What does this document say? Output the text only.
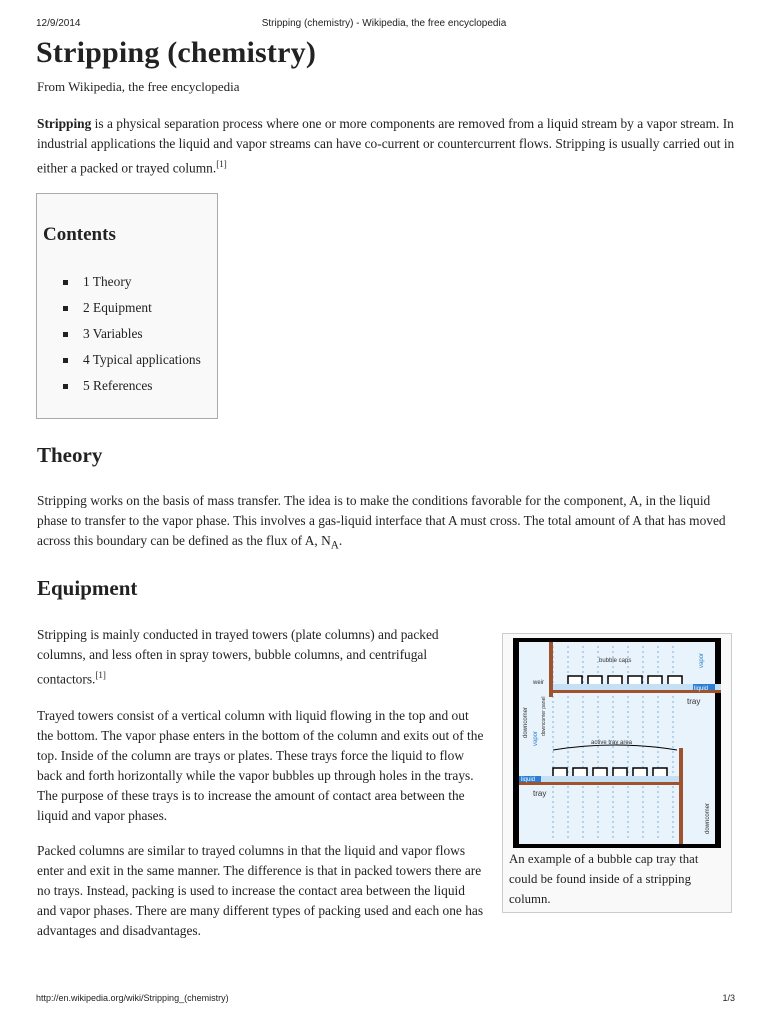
12/9/2014	Stripping (chemistry) - Wikipedia, the free encyclopedia
Stripping (chemistry)
From Wikipedia, the free encyclopedia
Stripping is a physical separation process where one or more components are removed from a liquid stream by a vapor stream. In industrial applications the liquid and vapor streams can have co-current or countercurrent flows. Stripping is usually carried out in either a packed or trayed column.[1]
Contents
1 Theory
2 Equipment
3 Variables
4 Typical applications
5 References
Theory
Stripping works on the basis of mass transfer. The idea is to make the conditions favorable for the component, A, in the liquid phase to transfer to the vapor phase. This involves a gas-liquid interface that A must cross. The total amount of A that has moved across this boundary can be defined as the flux of A, $N_A$.
Equipment
Stripping is mainly conducted in trayed towers (plate columns) and packed columns, and less often in spray towers, bubble columns, and centrifugal contactors.[1]
Trayed towers consist of a vertical column with liquid flowing in the top and out the bottom. The vapor phase enters in the bottom of the column and exits out of the top. Inside of the column are trays or plates. These trays force the liquid to flow back and forth horizontally while the vapor bubbles up through holes in the trays. The purpose of these trays is to increase the amount of contact area between the liquid and vapor phases.
Packed columns are similar to trayed columns in that the liquid and vapor flows enter and exit in the same manner. The difference is that in packed towers there are no trays. Instead, packing is used to increase the contact area between the liquid and vapor phases. There are many different types of packing used and each one has advantages and disadvantages.
bubble caps
liquid
liquid
tray
tray
weir
active tray area
downcomer
downcomer
downcomer panel
vapor
vapor
An example of a bubble cap tray that could be found inside of a stripping column.
http://en.wikipedia.org/wiki/Stripping_(chemistry)	1/3
